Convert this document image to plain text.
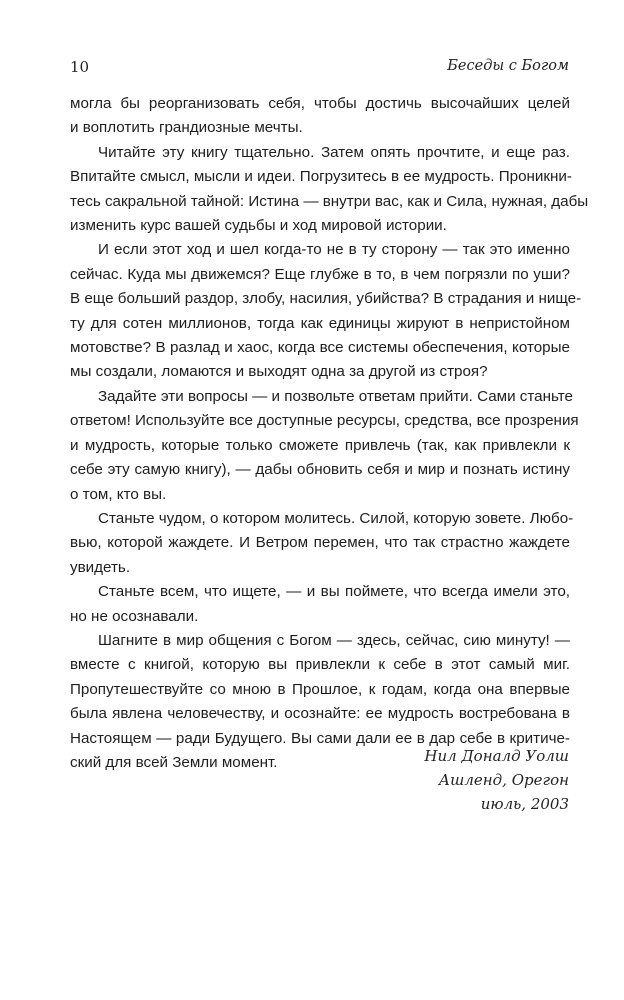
10	Беседы с Богом
могла бы реорганизовать себя, чтобы достичь высочайших целей
и воплотить грандиозные мечты.
Читайте эту книгу тщательно. Затем опять прочтите, и еще раз.
Впитайте смысл, мысли и идеи. Погрузитесь в ее мудрость. Проникни-
тесь сакральной тайной: Истина — внутри вас, как и Сила, нужная, дабы
изменить курс вашей судьбы и ход мировой истории.
И если этот ход и шел когда-то не в ту сторону — так это именно
сейчас. Куда мы движемся? Еще глубже в то, в чем погрязли по уши?
В еще больший раздор, злобу, насилия, убийства? В страдания и нище-
ту для сотен миллионов, тогда как единицы жируют в непристойном
мотовстве? В разлад и хаос, когда все системы обеспечения, которые
мы создали, ломаются и выходят одна за другой из строя?
Задайте эти вопросы — и позвольте ответам прийти. Сами станьте
ответом! Используйте все доступные ресурсы, средства, все прозрения
и мудрость, которые только сможете привлечь (так, как привлекли к
себе эту самую книгу), — дабы обновить себя и мир и познать истину
о том, кто вы.
Станьте чудом, о котором молитесь. Силой, которую зовете. Любо-
вью, которой жаждете. И Ветром перемен, что так страстно жаждете
увидеть.
Станьте всем, что ищете, — и вы поймете, что всегда имели это,
но не осознавали.
Шагните в мир общения с Богом — здесь, сейчас, сию минуту! —
вместе с книгой, которую вы привлекли к себе в этот самый миг.
Пропутешествуйте со мною в Прошлое, к годам, когда она впервые
была явлена человечеству, и осознайте: ее мудрость востребована в
Настоящем — ради Будущего. Вы сами дали ее в дар себе в критиче-
ский для всей Земли момент.	Нил Доналд Уолш
Ашленд, Орегон
июль, 2003
